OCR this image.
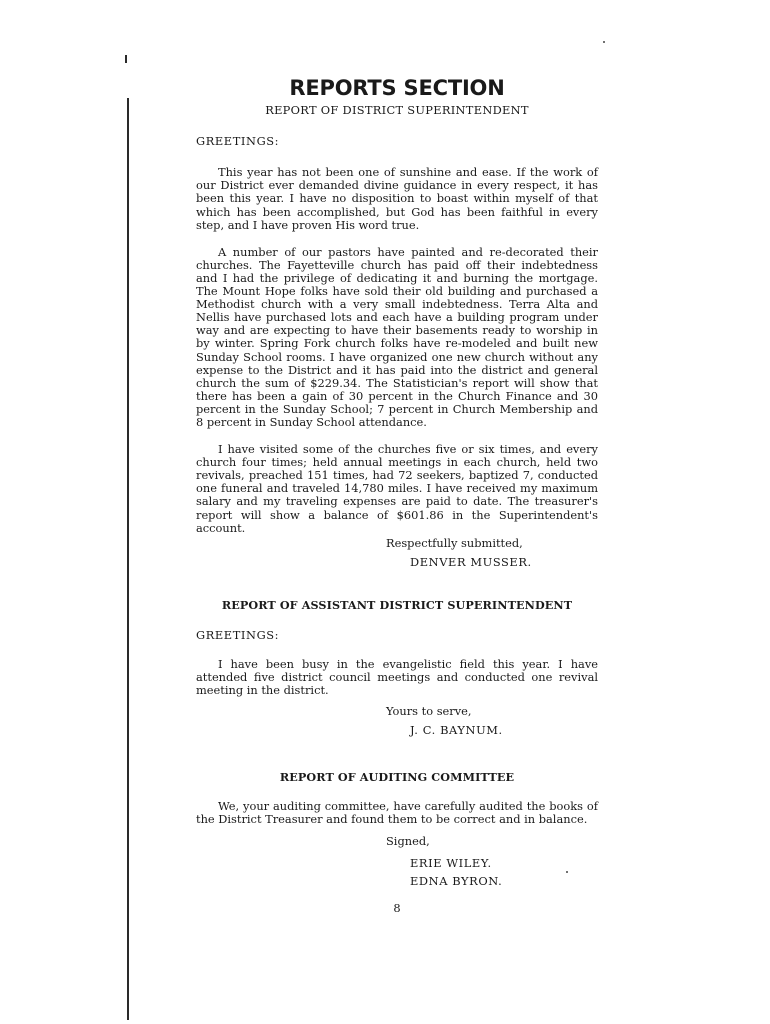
REPORTS SECTION

REPORT OF DISTRICT SUPERINTENDENT

GREETINGS:

This year has not been one of sunshine and ease. If the work of our District ever demanded divine guidance in every respect, it has been this year. I have no disposition to boast within myself of that which has been accomplished, but God has been faithful in every step, and I have proven His word true.

A number of our pastors have painted and re-decorated their churches. The Fayetteville church has paid off their indebtedness and I had the privilege of dedicating it and burning the mortgage. The Mount Hope folks have sold their old building and purchased a Methodist church with a very small indebtedness. Terra Alta and Nellis have purchased lots and each have a building program under way and are expecting to have their basements ready to worship in by winter. Spring Fork church folks have re-modeled and built new Sunday School rooms. I have organized one new church without any expense to the District and it has paid into the district and general church the sum of $229.34. The Statistician's report will show that there has been a gain of 30 percent in the Church Finance and 30 percent in the Sunday School; 7 percent in Church Membership and 8 percent in Sunday School attendance.

I have visited some of the churches five or six times, and every church four times; held annual meetings in each church, held two revivals, preached 151 times, had 72 seekers, baptized 7, conducted one funeral and traveled 14,780 miles. I have received my maximum salary and my traveling expenses are paid to date. The treasurer's report will show a balance of $601.86 in the Superintendent's account.

Respectfully submitted,

DENVER MUSSER.

REPORT OF ASSISTANT DISTRICT SUPERINTENDENT

GREETINGS:

I have been busy in the evangelistic field this year. I have attended five district council meetings and conducted one revival meeting in the district.

Yours to serve,

J. C. BAYNUM.

REPORT OF AUDITING COMMITTEE

We, your auditing committee, have carefully audited the books of the District Treasurer and found them to be correct and in balance.

Signed,

ERIE WILEY.

EDNA BYRON.

8
